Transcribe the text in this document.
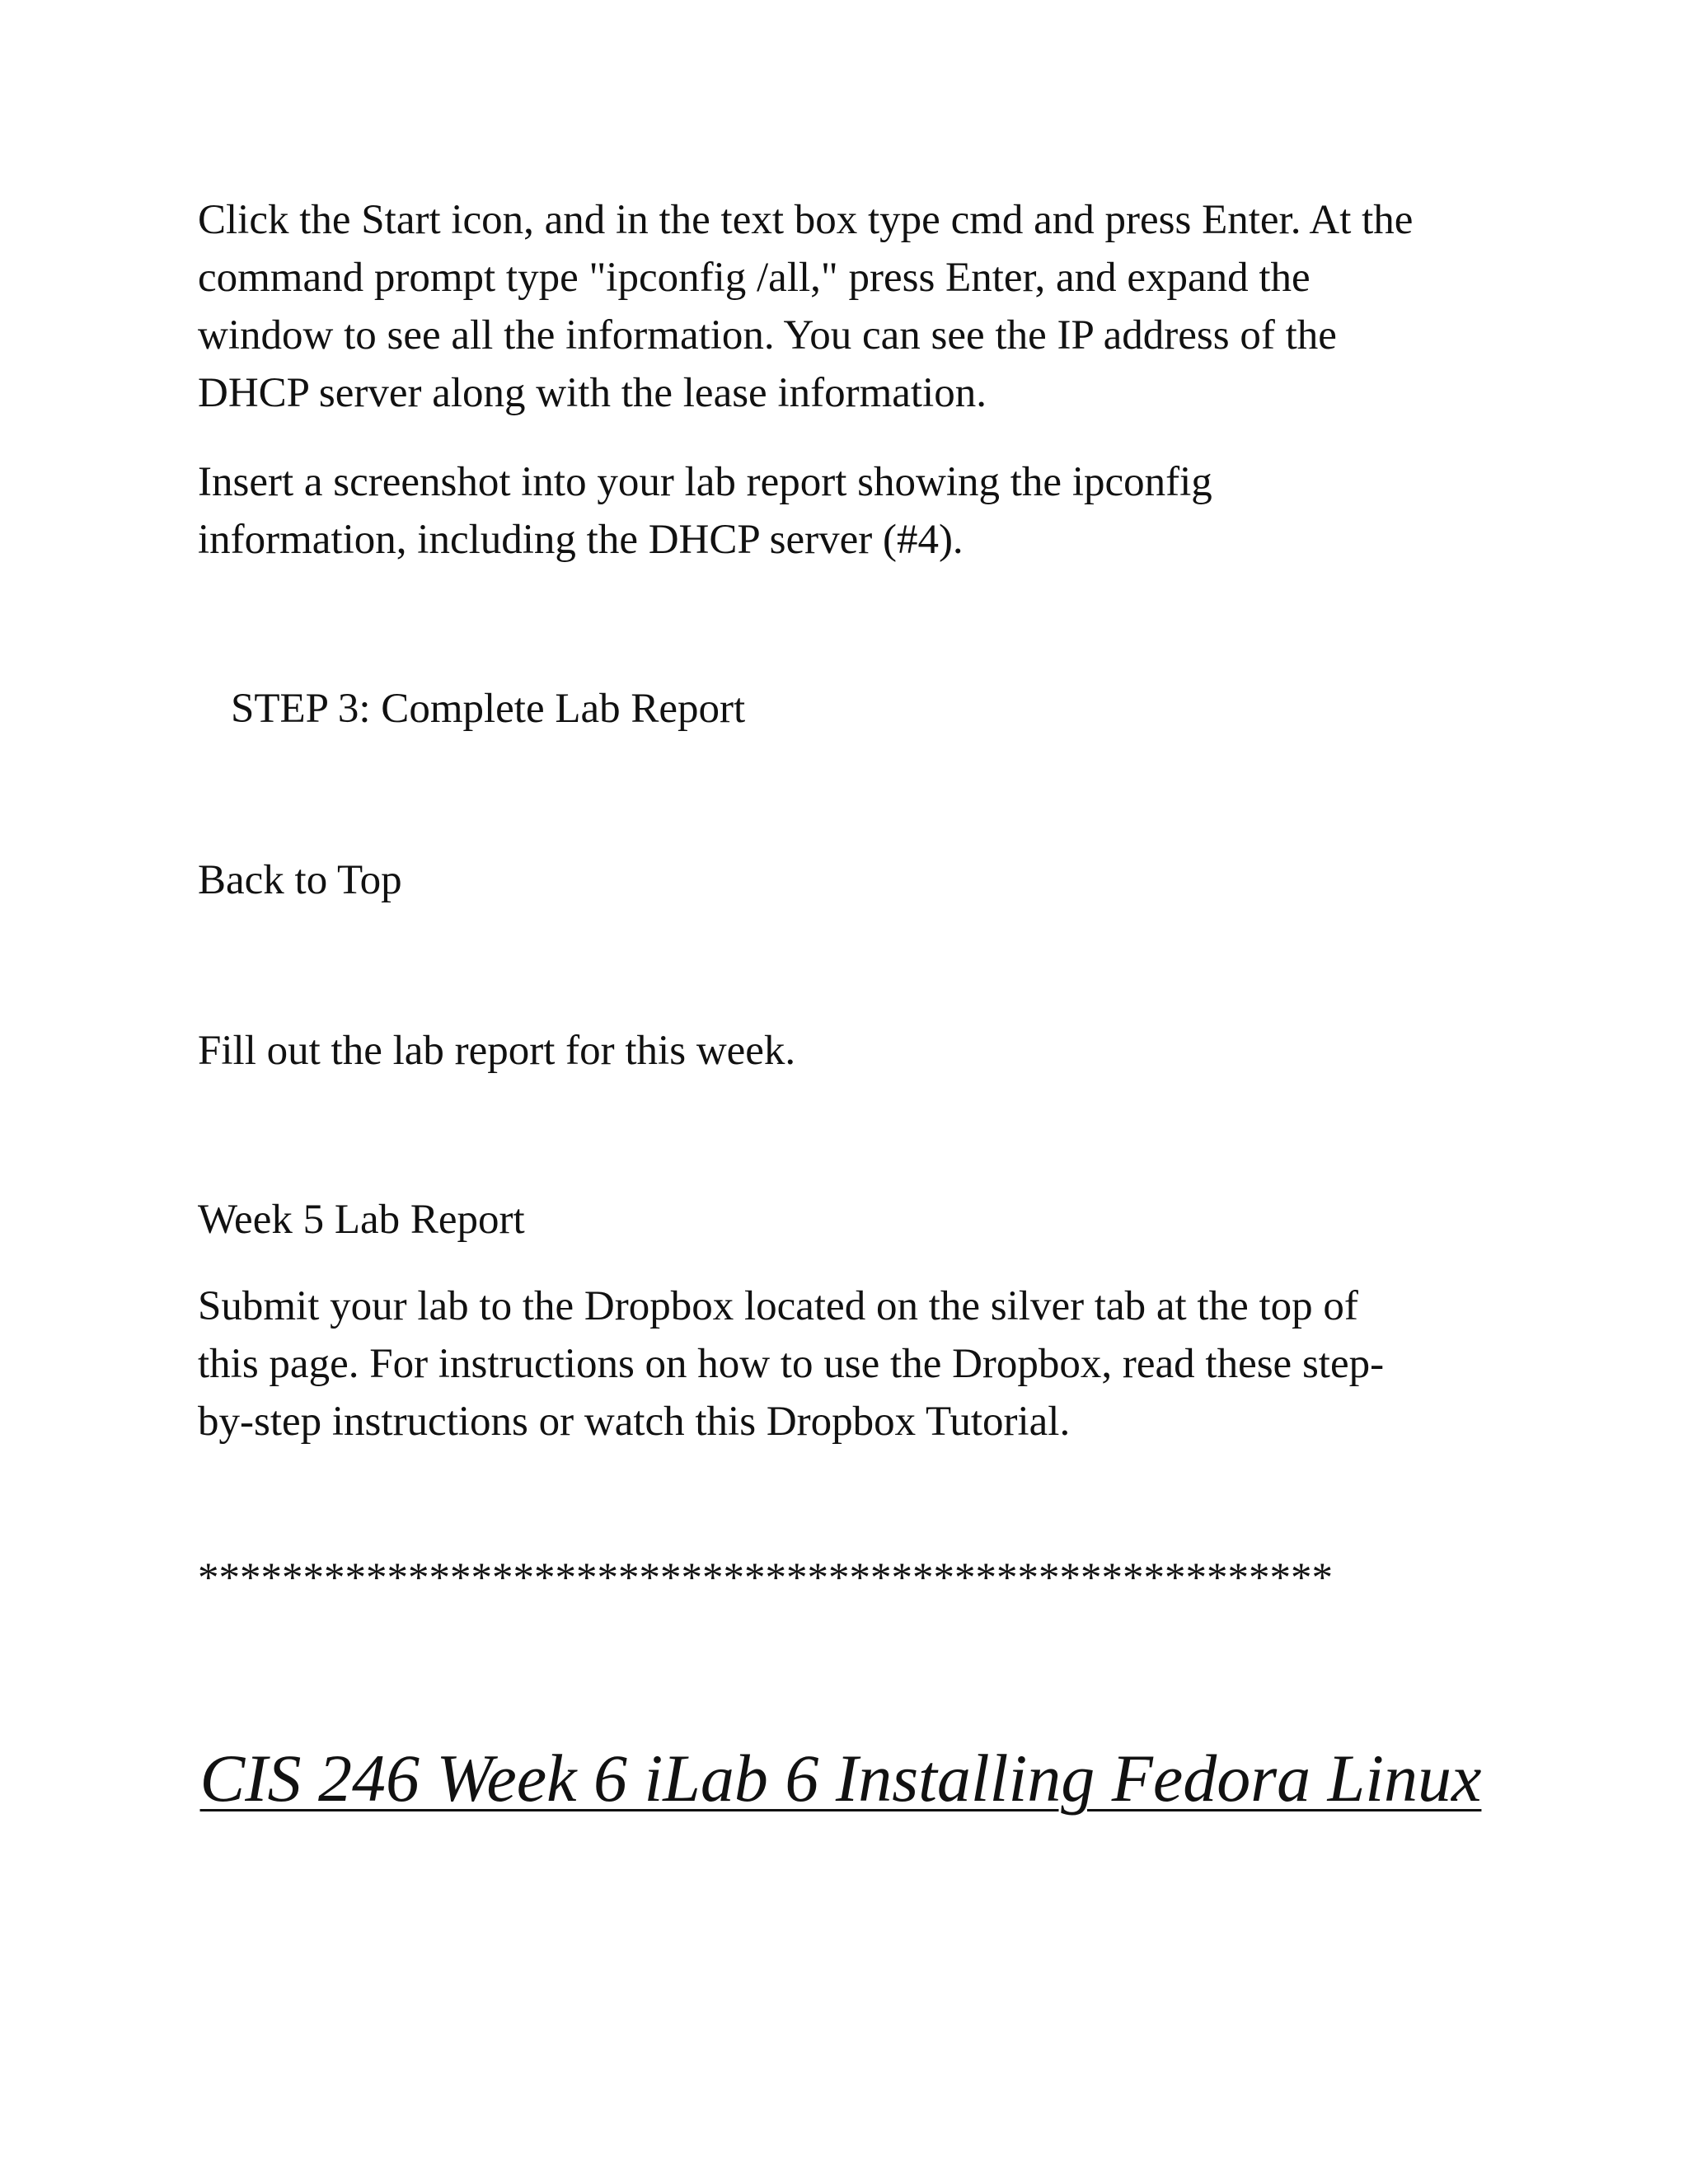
Click the Start icon, and in the text box type cmd and press Enter. At the
command prompt type "ipconfig /all," press Enter, and expand the
window to see all the information. You can see the IP address of the
DHCP server along with the lease information.

Insert a screenshot into your lab report showing the ipconfig
information, including the DHCP server (#4).

STEP 3: Complete Lab Report

Back to Top

Fill out the lab report for this week.

Week 5 Lab Report

Submit your lab to the Dropbox located on the silver tab at the top of
this page. For instructions on how to use the Dropbox, read these step-
by-step instructions or watch this Dropbox Tutorial.

******************************************************

CIS 246 Week 6 iLab 6 Installing Fedora Linux
